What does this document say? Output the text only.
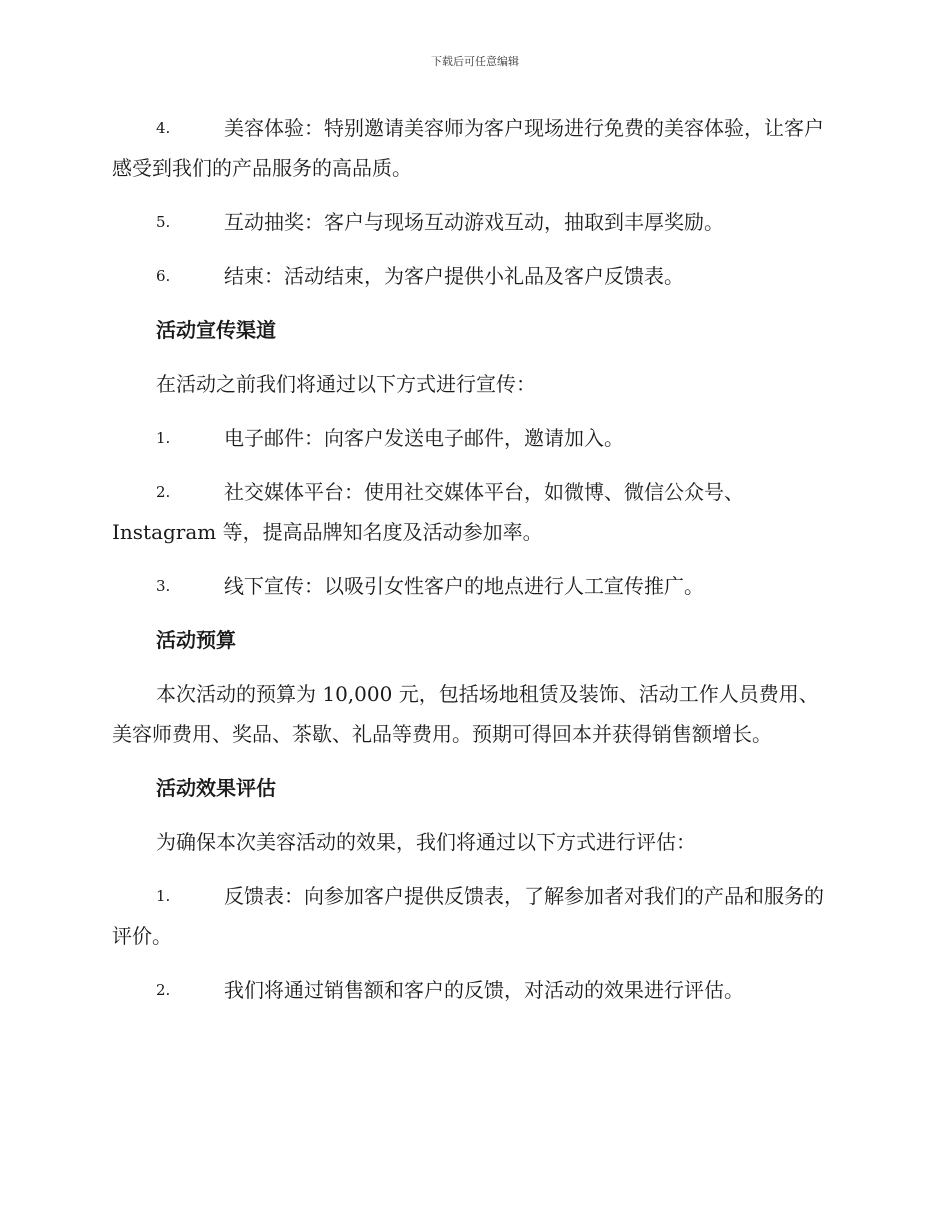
下载后可任意编辑
4.	美容体验：特别邀请美容师为客户现场进行免费的美容体验，让客户感受到我们的产品服务的高品质。
5.	互动抽奖：客户与现场互动游戏互动，抽取到丰厚奖励。
6.	结束：活动结束，为客户提供小礼品及客户反馈表。
活动宣传渠道
在活动之前我们将通过以下方式进行宣传：
1.	电子邮件：向客户发送电子邮件，邀请加入。
2.	社交媒体平台：使用社交媒体平台，如微博、微信公众号、Instagram 等，提高品牌知名度及活动参加率。
3.	线下宣传：以吸引女性客户的地点进行人工宣传推广。
活动预算
本次活动的预算为 10,000 元，包括场地租赁及装饰、活动工作人员费用、美容师费用、奖品、茶歇、礼品等费用。预期可得回本并获得销售额增长。
活动效果评估
为确保本次美容活动的效果，我们将通过以下方式进行评估：
1.	反馈表：向参加客户提供反馈表，了解参加者对我们的产品和服务的评价。
2.	我们将通过销售额和客户的反馈，对活动的效果进行评估。
